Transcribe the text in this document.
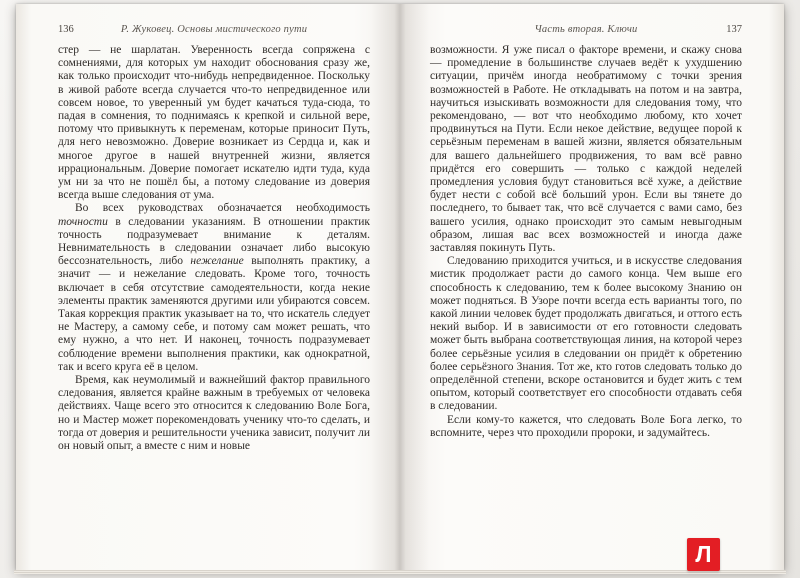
136	Р. Жуковец. Основы мистического пути

стер — не шарлатан. Уверенность всегда сопряжена с сомнениями, для которых ум находит обоснования сразу же, как только происходит что-нибудь непредвиденное. Поскольку в живой работе всегда случается что-то непредвиденное или совсем новое, то уверенный ум будет качаться туда-сюда, то падая в сомнения, то поднимаясь к крепкой и сильной вере, потому что привыкнуть к переменам, которые приносит Путь, для него невозможно. Доверие возникает из Сердца и, как и многое другое в нашей внутренней жизни, является иррациональным. Доверие помогает искателю идти туда, куда ум ни за что не пошёл бы, а потому следование из доверия всегда выше следования от ума.

Во всех руководствах обозначается необходимость точности в следовании указаниям. В отношении практик точность подразумевает внимание к деталям. Невнимательность в следовании означает либо высокую бессознательность, либо нежелание выполнять практику, а значит — и нежелание следовать. Кроме того, точность включает в себя отсутствие самодеятельности, когда некие элементы практик заменяются другими или убираются совсем. Такая коррекция практик указывает на то, что искатель следует не Мастеру, а самому себе, и потому сам может решать, что ему нужно, а что нет. И наконец, точность подразумевает соблюдение времени выполнения практики, как однократной, так и всего круга её в целом.

Время, как неумолимый и важнейший фактор правильного следования, является крайне важным в требуемых от человека действиях. Чаще всего это относится к следованию Воле Бога, но и Мастер может порекомендовать ученику что-то сделать, и тогда от доверия и решительности ученика зависит, получит ли он новый опыт, а вместе с ним и новые

Часть вторая. Ключи	137

возможности. Я уже писал о факторе времени, и скажу снова — промедление в большинстве случаев ведёт к ухудшению ситуации, причём иногда необратимому с точки зрения возможностей в Работе. Не откладывать на потом и на завтра, научиться изыскивать возможности для следования тому, что рекомендовано, — вот что необходимо любому, кто хочет продвинуться на Пути. Если некое действие, ведущее порой к серьёзным переменам в вашей жизни, является обязательным для вашего дальнейшего продвижения, то вам всё равно придётся его совершить — только с каждой неделей промедления условия будут становиться всё хуже, а действие будет нести с собой всё больший урон. Если вы тянете до последнего, то бывает так, что всё случается с вами само, без вашего усилия, однако происходит это самым невыгодным образом, лишая вас всех возможностей и иногда даже заставляя покинуть Путь.

Следованию приходится учиться, и в искусстве следования мистик продолжает расти до самого конца. Чем выше его способность к следованию, тем к более высокому Знанию он может подняться. В Узоре почти всегда есть варианты того, по какой линии человек будет продолжать двигаться, и оттого есть некий выбор. И в зависимости от его готовности следовать может быть выбрана соответствующая линия, на которой через более серьёзные усилия в следовании он придёт к обретению более серьёзного Знания. Тот же, кто готов следовать только до определённой степени, вскоре остановится и будет жить с тем опытом, который соответствует его способности отдавать себя в следовании.

Если кому-то кажется, что следовать Воле Бога легко, то вспомните, через что проходили пророки, и задумайтесь.

Л
